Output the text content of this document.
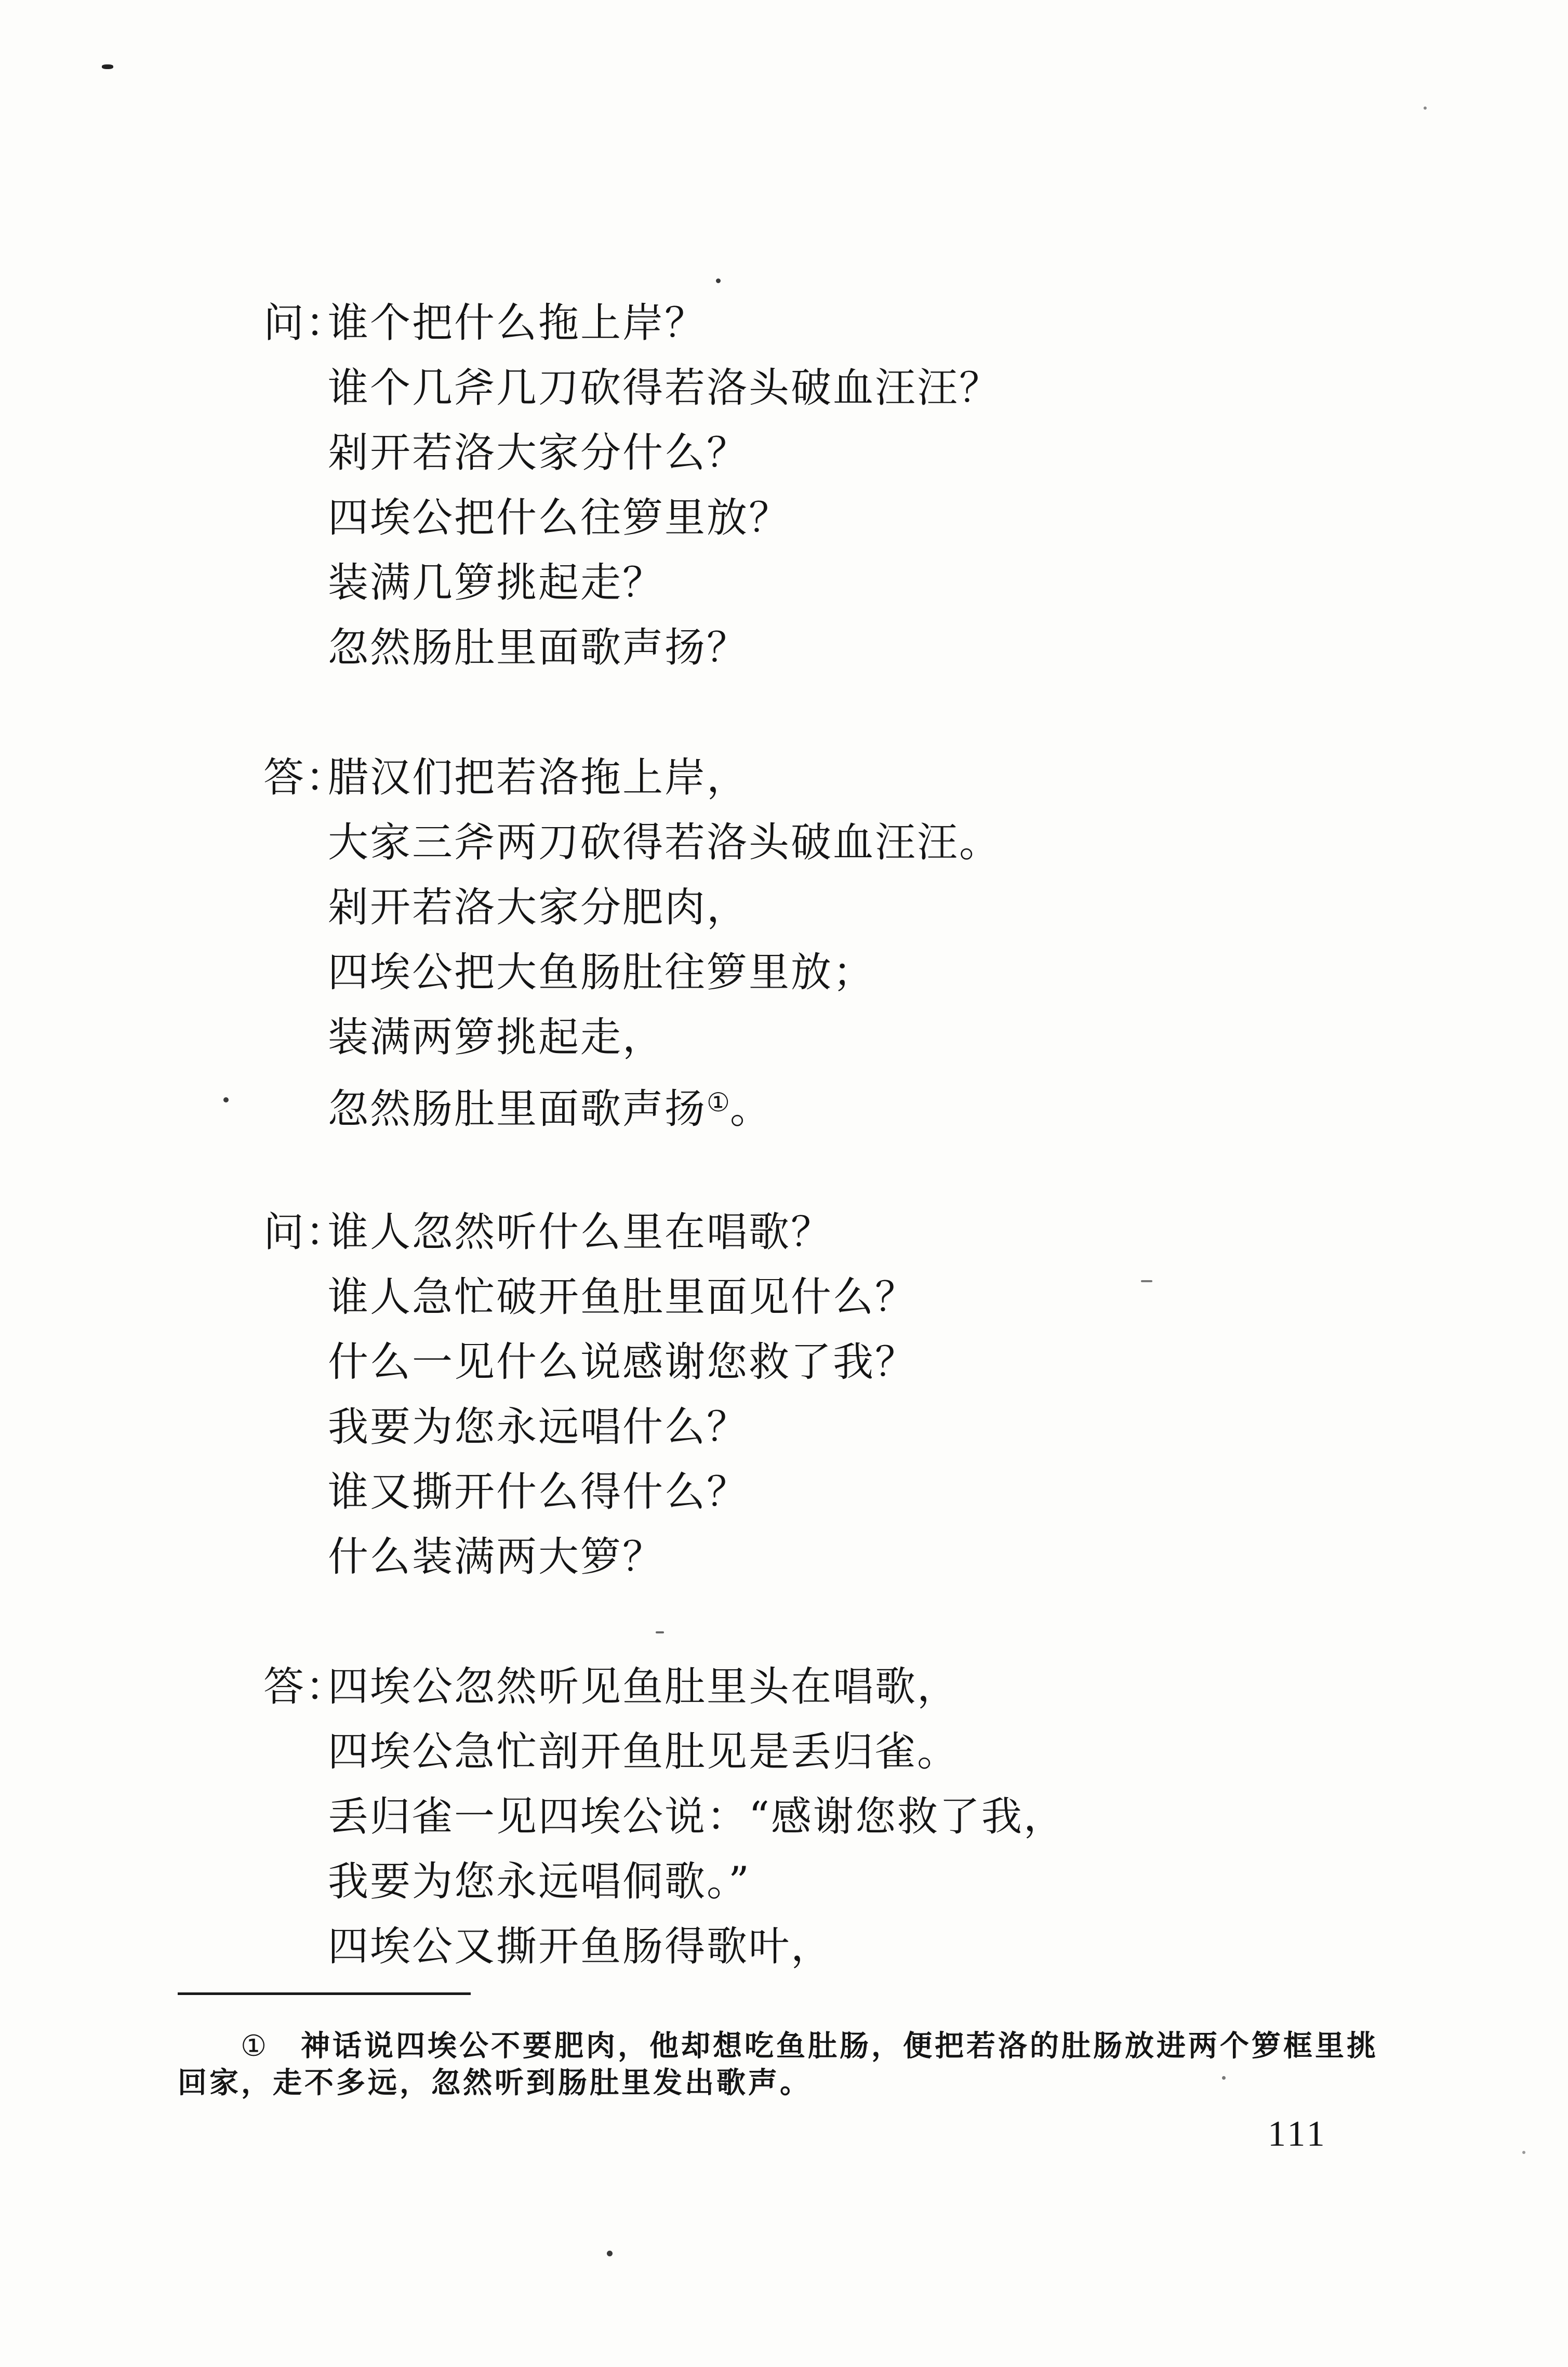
问：谁个把什么拖上岸？
谁个几斧几刀砍得若洛头破血汪汪？
剁开若洛大家分什么？
四埃公把什么往箩里放？
装满几箩挑起走？
忽然肠肚里面歌声扬？
答：腊汉们把若洛拖上岸，
大家三斧两刀砍得若洛头破血汪汪。
剁开若洛大家分肥肉，
四埃公把大鱼肠肚往箩里放；
装满两箩挑起走，
忽然肠肚里面歌声扬①。
问：谁人忽然听什么里在唱歌？
谁人急忙破开鱼肚里面见什么？
什么一见什么说感谢您救了我？
我要为您永远唱什么？
谁又撕开什么得什么？
什么装满两大箩？
答：四埃公忽然听见鱼肚里头在唱歌，
四埃公急忙剖开鱼肚见是丢归雀。
丢归雀一见四埃公说：“感谢您救了我，
我要为您永远唱侗歌。”
四埃公又撕开鱼肠得歌叶，
① 神话说四埃公不要肥肉，他却想吃鱼肚肠，便把若洛的肚肠放进两个箩框里挑
回家，走不多远，忽然听到肠肚里发出歌声。
111
